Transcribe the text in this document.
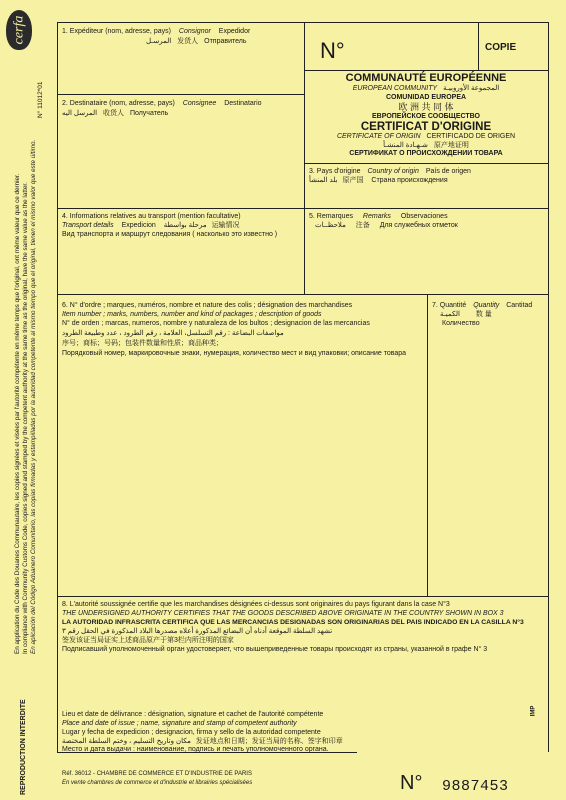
cerfa
N° 11012*01
En application du Code des Douanes Communautaire, les copies signées et visées par l'autorité compétente en même temps que l'original, ont même valeur que ce dernier. In compliance with Community Customs Code, copies signed and stamped by the competent authority at the same time as the original, have the same value as the latter. En aplicación del Código Aduanero Comunitario, las copias firmadas y estampilladas por la autoridad competente al mismo tiempo que el original, tienen el mismo valor que este último.
REPRODUCTION INTERDITE
1. Expéditeur (nom, adresse, pays) Consignor Expedidor
المرسـل 发货人 Отправитель	N°	COPIE
2. Destinataire (nom, adresse, pays) Consignee Destinatario
المرسل اليه 收货人 Получатель
COMMUNAUTÉ EUROPÉENNE
EUROPEAN COMMUNITY المجموعة الأوروبيـة
COMUNIDAD EUROPEA
欧 洲 共 同 体
ЕВРОПЕЙСКОЕ СООБЩЕСТВО
CERTIFICAT D'ORIGINE
CERTIFICATE OF ORIGIN CERTIFICADO DE ORIGEN
شـهـادة المنشـأ 原产地证明
СЕРТИФИКАТ О ПРОИСХОЖДЕНИИ ТОВАРА
3. Pays d'origine Country of origin País de origen
بلد المنشأ 原产国 Страна происхождения
4. Informations relatives au transport (mention facultative)
Transport details Expedicion مرحلة بواسطة 运输情况
Вид транспорта и маршрут следования ( насколько это известно )
5. Remarques Remarks Observaciones
ملاحظــات 注备 Для служебных отметок
6. N° d'ordre ; marques, numéros, nombre et nature des colis ; désignation des marchandises
Item number ; marks, numbers, number and kind of packages ; description of goods
N° de orden ; marcas, numeros, nombre y naturaleza de los bultos ; designacion de las mercancias
مواصفات البضاعة : رقم التسلسل، العلامة ، رقم الطرود ، عدد وطبيعة الطرود
序号；商标；号码；包装件数量和性质；商品种类；
Порядковый номер, маркировочные знаки, нумерация, количество мест и вид упаковки; описание товара
7. Quantité Quantity Cantitad
الكميـة 数 量
Количество
8. L'autorité soussignée certifie que les marchandises désignées ci-dessus sont originaires du pays figurant dans la case N°3
THE UNDERSIGNED AUTHORITY CERTIFIES THAT THE GOODS DESCRIBED ABOVE ORIGINATE IN THE COUNTRY SHOWN IN BOX 3
LA AUTORIDAD INFRASCRITA CERTIFICA QUE LAS MERCANCIAS DESIGNADAS SON ORIGINARIAS DEL PAIS INDICADO EN LA CASILLA N°3
تشهد السلطة الموقعة أدناه أن البضائع المذكورة أعلاه مصدرها البلاد المذكورة في الحقل رقم ٣
签发该证当局证实上述商品原产于第3栏内所注明的国家
Подписавший уполномоченный орган удостоверяет, что вышеприведенные товары происходят из страны, указанной в графе N° 3
Lieu et date de délivrance : désignation, signature et cachet de l'autorité compétente
Place and date of issue ; name, signature and stamp of competent authority
Lugar y fecha de expedicion ; designacion, firma y sello de la autoridad competente
مكان وتاريخ التسليم ، وختم السلطة المختصة 发证地点和日期；发证当局的名称、签字和印章
Место и дата выдачи : наименование, подпись и печать уполномоченного органа.
IMP
Réf. 36012 - CHAMBRE DE COMMERCE ET D'INDUSTRIE DE PARIS
En vente chambres de commerce et d'industrie et librairies spécialisées	N° 9887453
